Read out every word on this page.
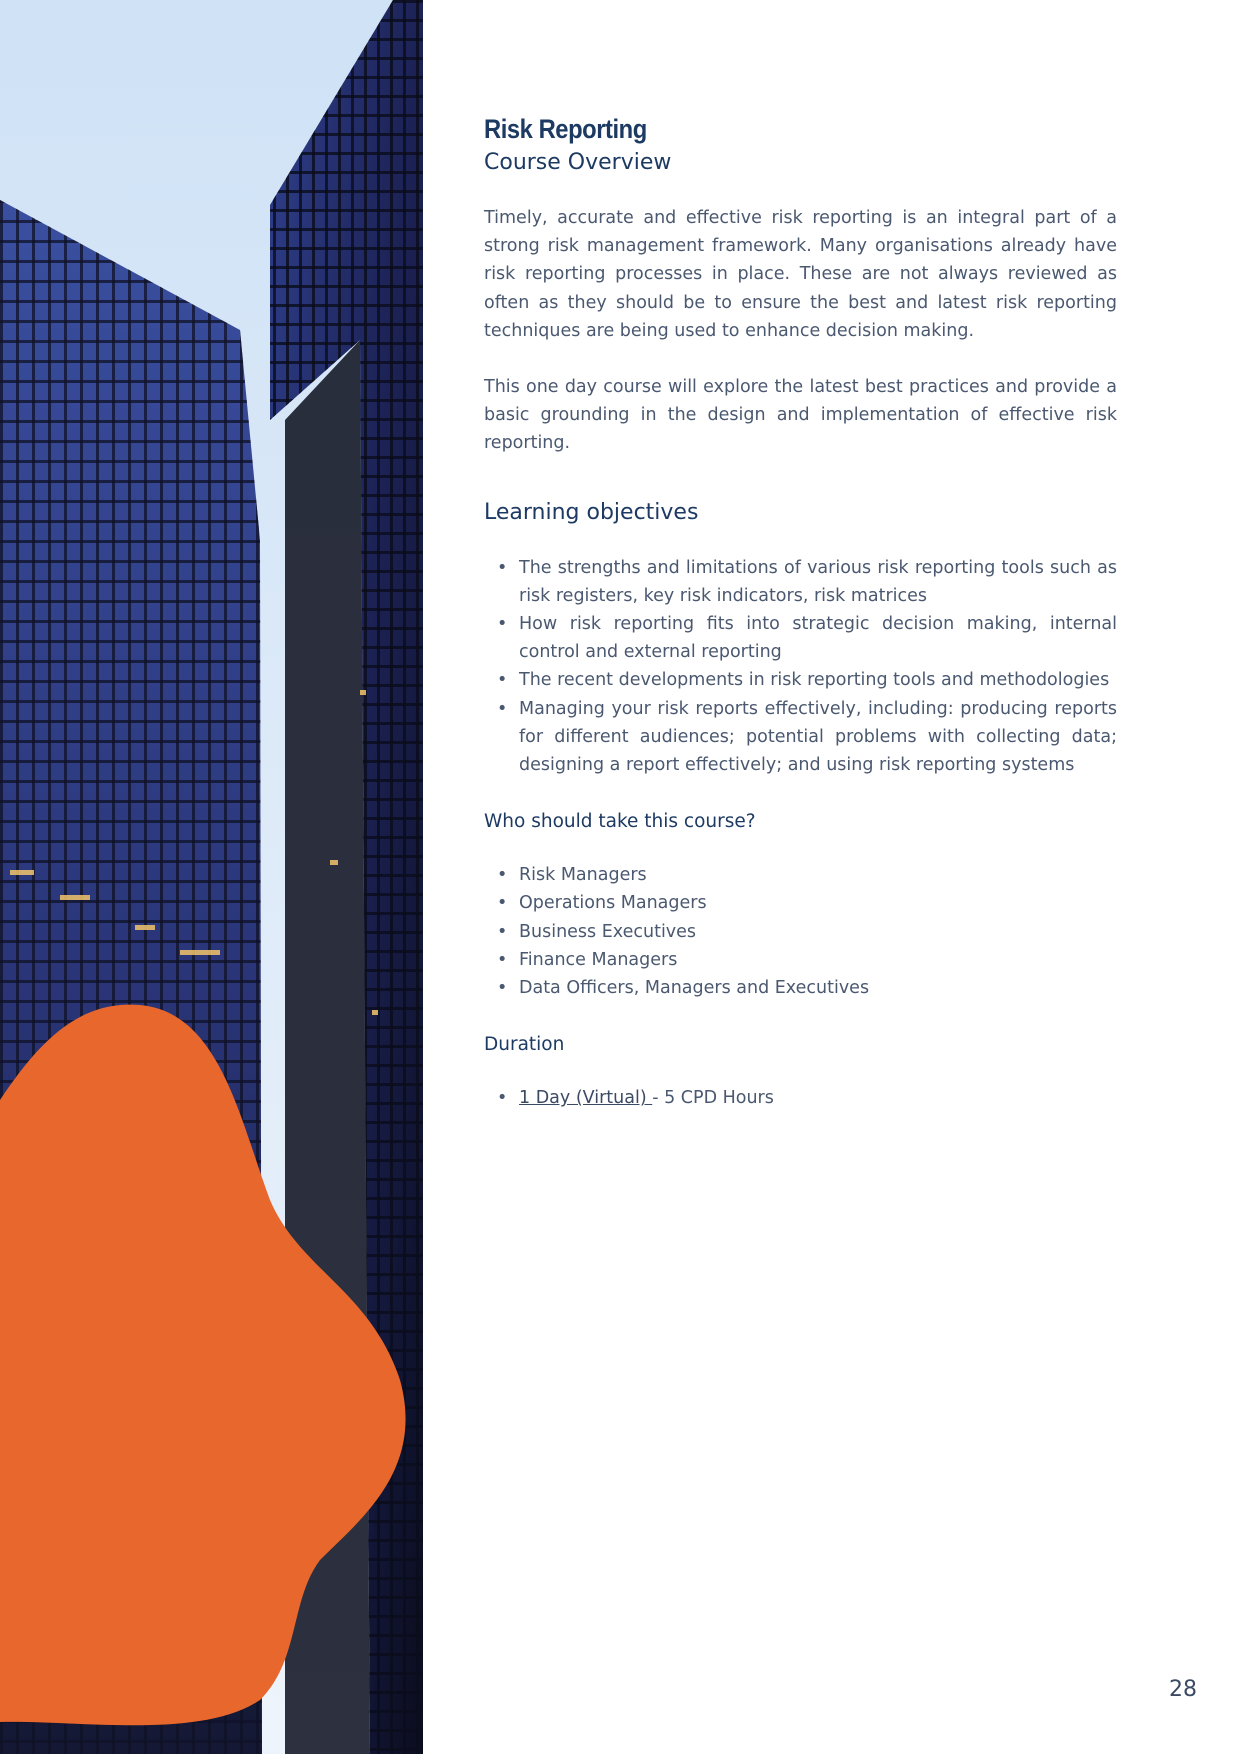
Risk Reporting
Course Overview

Timely, accurate and effective risk reporting is an integral part of a strong risk management framework. Many organisations already have risk reporting processes in place. These are not always reviewed as often as they should be to ensure the best and latest risk reporting techniques are being used to enhance decision making.

This one day course will explore the latest best practices and provide a basic grounding in the design and implementation of effective risk reporting.

Learning objectives
• The strengths and limitations of various risk reporting tools such as risk registers, key risk indicators, risk matrices
• How risk reporting fits into strategic decision making, internal control and external reporting
• The recent developments in risk reporting tools and methodologies
• Managing your risk reports effectively, including: producing reports for different audiences; potential problems with collecting data; designing a report effectively; and using risk reporting systems
Who should take this course?
• Risk Managers
• Operations Managers
• Business Executives
• Finance Managers
• Data Officers, Managers and Executives
Duration
• 1 Day (Virtual) - 5 CPD Hours
28
